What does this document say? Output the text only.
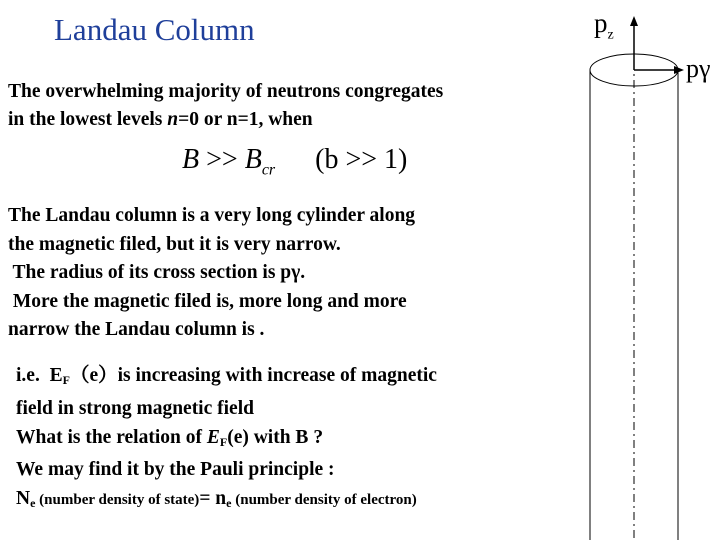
Landau Column
The overwhelming majority of neutrons congregates
in the lowest levels n=0 or n=1, when
$B >> B_{cr}$ (b >> 1)
The Landau column is a very long cylinder along
the magnetic filed, but it is very narrow.
The radius of its cross section is pγ.
More the magnetic filed is, more long and more
narrow the Landau column is .
i.e.  $E_F(e)is$ increasing with increase of magnetic
field in strong magnetic field
What is the relation of $E_F(e)$ with B ?
We may find it by the Pauli principle :
$N_e$ (number density of state)= $n_e$ (number density of electron)
$p_z$
pγ
